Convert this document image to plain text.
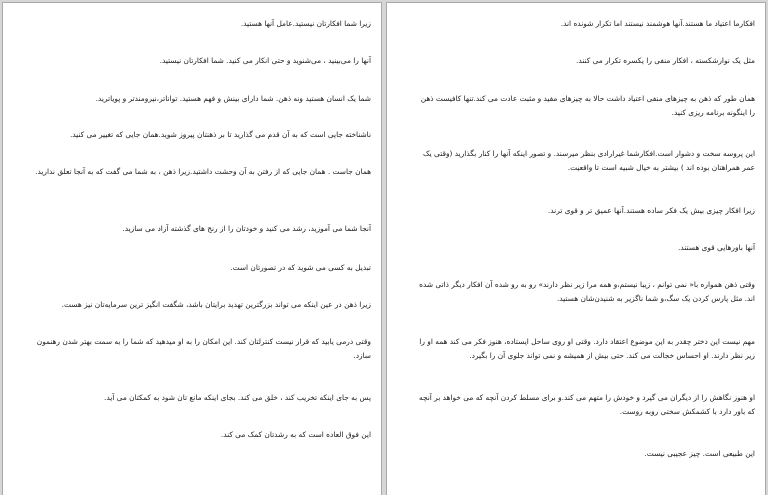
زیرا شما افکارتان نیستید.عامل آنها هستید.

آنها را می‌بینید ، می‌شنوید و حتی انکار می کنید. شما افکارتان نیستید.

شما یک انسان هستید ونه ذهن. شما دارای بینش و فهم هستید. تواناتر،نیرومندتر و پویاترید.

ناشناخته جایی است که به آن قدم می گذارید تا بر ذهنتان پیروز شوید.همان جایی که تغییر می کنید.

همان جاست . همان جایی که از رفتن به آن وحشت داشتید.زیرا ذهن ، به شما می گفت که به آنجا تعلق ندارید.

آنجا شما می آموزید، رشد می کنید و خودتان را از رنج های گذشته آزاد می سازید.

تبدیل به کسی می شوید که در تصورتان است.

زیرا ذهن در عین اینکه می تواند بزرگترین تهدید برایتان باشد، شگفت انگیز ترین سرمایه‌تان نیز هست.

وقتی درمی یابید که قرار نیست کنترلتان کند. این امکان را به او میدهید که شما را به سمت بهتر شدن رهنمون سازد.

پس به جای اینکه تخریب کند ، خلق می کند. بجای اینکه مانع تان شود به کمکتان می آید.

این فوق العاده است که به رشدتان کمک می کند.

افکارما اعتیاد ما هستند.آنها هوشمند نیستند اما تکرار شونده اند.

مثل یک نوارشکسته ، افکار منفی را یکسره تکرار می کنند.

همان طور که ذهن به چیزهای منفی اعتیاد داشت حالا به چیزهای مفید و مثبت عادت می کند.تنها کافیست ذهن را اینگونه برنامه ریزی کنید.

این پروسه سخت و دشوار است.افکارشما غیرارادی بنظر میرسند. و تصور اینکه آنها را کنار بگذارید (وقتی یک عمر همراهتان بوده اند ) بیشتر به خیال شبیه است تا واقعیت.

زیرا افکار چیزی بیش یک فکر ساده هستند.آنها عمیق تر و قوی ترند.

آنها باورهایی قوی هستند.

وقتی ذهن همواره با« نمی توانم ، زیبا نیستم،و همه مرا زیر نظر دارند» رو به رو شده آن افکار دیگر ذاتی شده اند. مثل پارس کردن یک سگ،و شما ناگزیر به شنیدن‌شان هستید.

مهم نیست این دختر چقدر به این موضوع اعتقاد دارد. وقتی او روی ساحل ایستاده، هنوز فکر می کند همه او را زیر نظر دارند. او احساس خجالت می کند. حتی بیش از همیشه و نمی تواند جلوی آن را بگیرد.

او هنوز نگاهش را از دیگران می گیرد و خودش را متهم می کند.و برای مسلط کردن آنچه که می خواهد بر آنچه که باور دارد با کشمکش سختی روبه روست.

این طبیعی است. چیز عجیبی نیست.
